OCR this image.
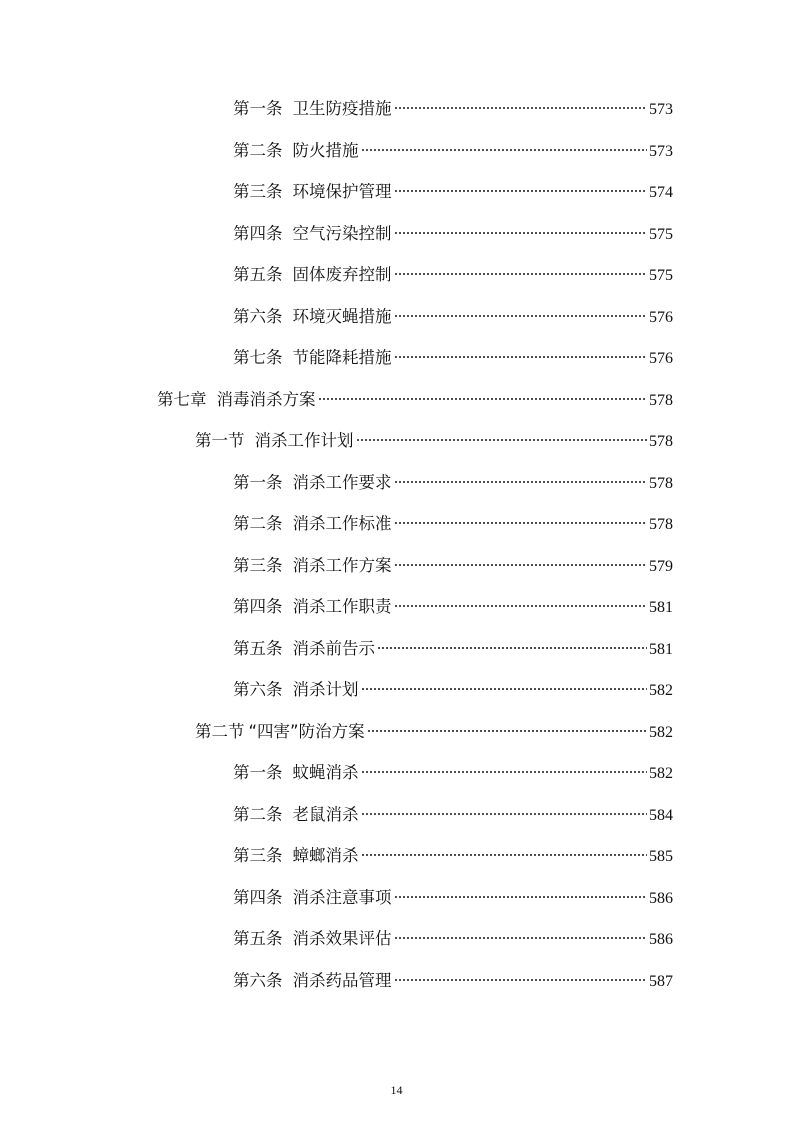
第一条 卫生防疫措施	573
第二条 防火措施	573
第三条 环境保护管理	574
第四条 空气污染控制	575
第五条 固体废弃控制	575
第六条 环境灭蝇措施	576
第七条 节能降耗措施	576
第七章 消毒消杀方案	578
第一节 消杀工作计划	578
第一条 消杀工作要求	578
第二条 消杀工作标准	578
第三条 消杀工作方案	579
第四条 消杀工作职责	581
第五条 消杀前告示	581
第六条 消杀计划	582
第二节 “四害”防治方案	582
第一条 蚊蝇消杀	582
第二条 老鼠消杀	584
第三条 蟑螂消杀	585
第四条 消杀注意事项	586
第五条 消杀效果评估	586
第六条 消杀药品管理	587
14
